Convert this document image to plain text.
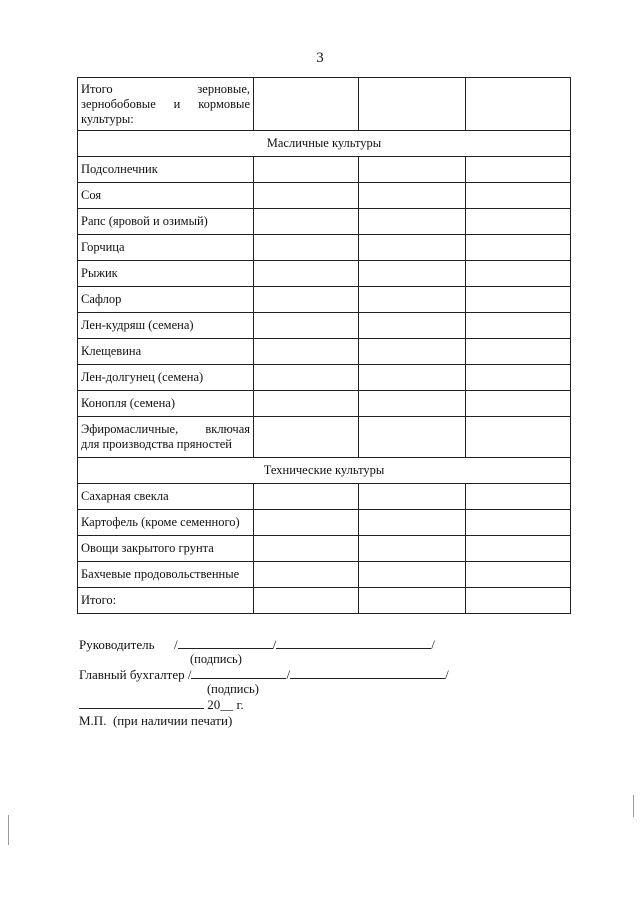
3
Итого зерновые,
зернобобовые и кормовые
культуры:			

Масличные культуры			
Подсолнечник			
Соя			
Рапс (яровой и озимый)			
Горчица			
Рыжик			
Сафлор			
Лен-кудряш (семена)			
Клещевина			
Лен-долгунец (семена)			
Конопля (семена)			

Эфиромасличные, включая
для производства пряностей			

Технические культуры			
Сахарная свекла			
Картофель (кроме семенного)			
Овощи закрытого грунта			
Бахчевые продовольственные			
Итого:			
Руководитель      /	/	/
(подпись)
Главный бухгалтер /	/	/
(подпись)
20__ г.
М.П.  (при наличии печати)
